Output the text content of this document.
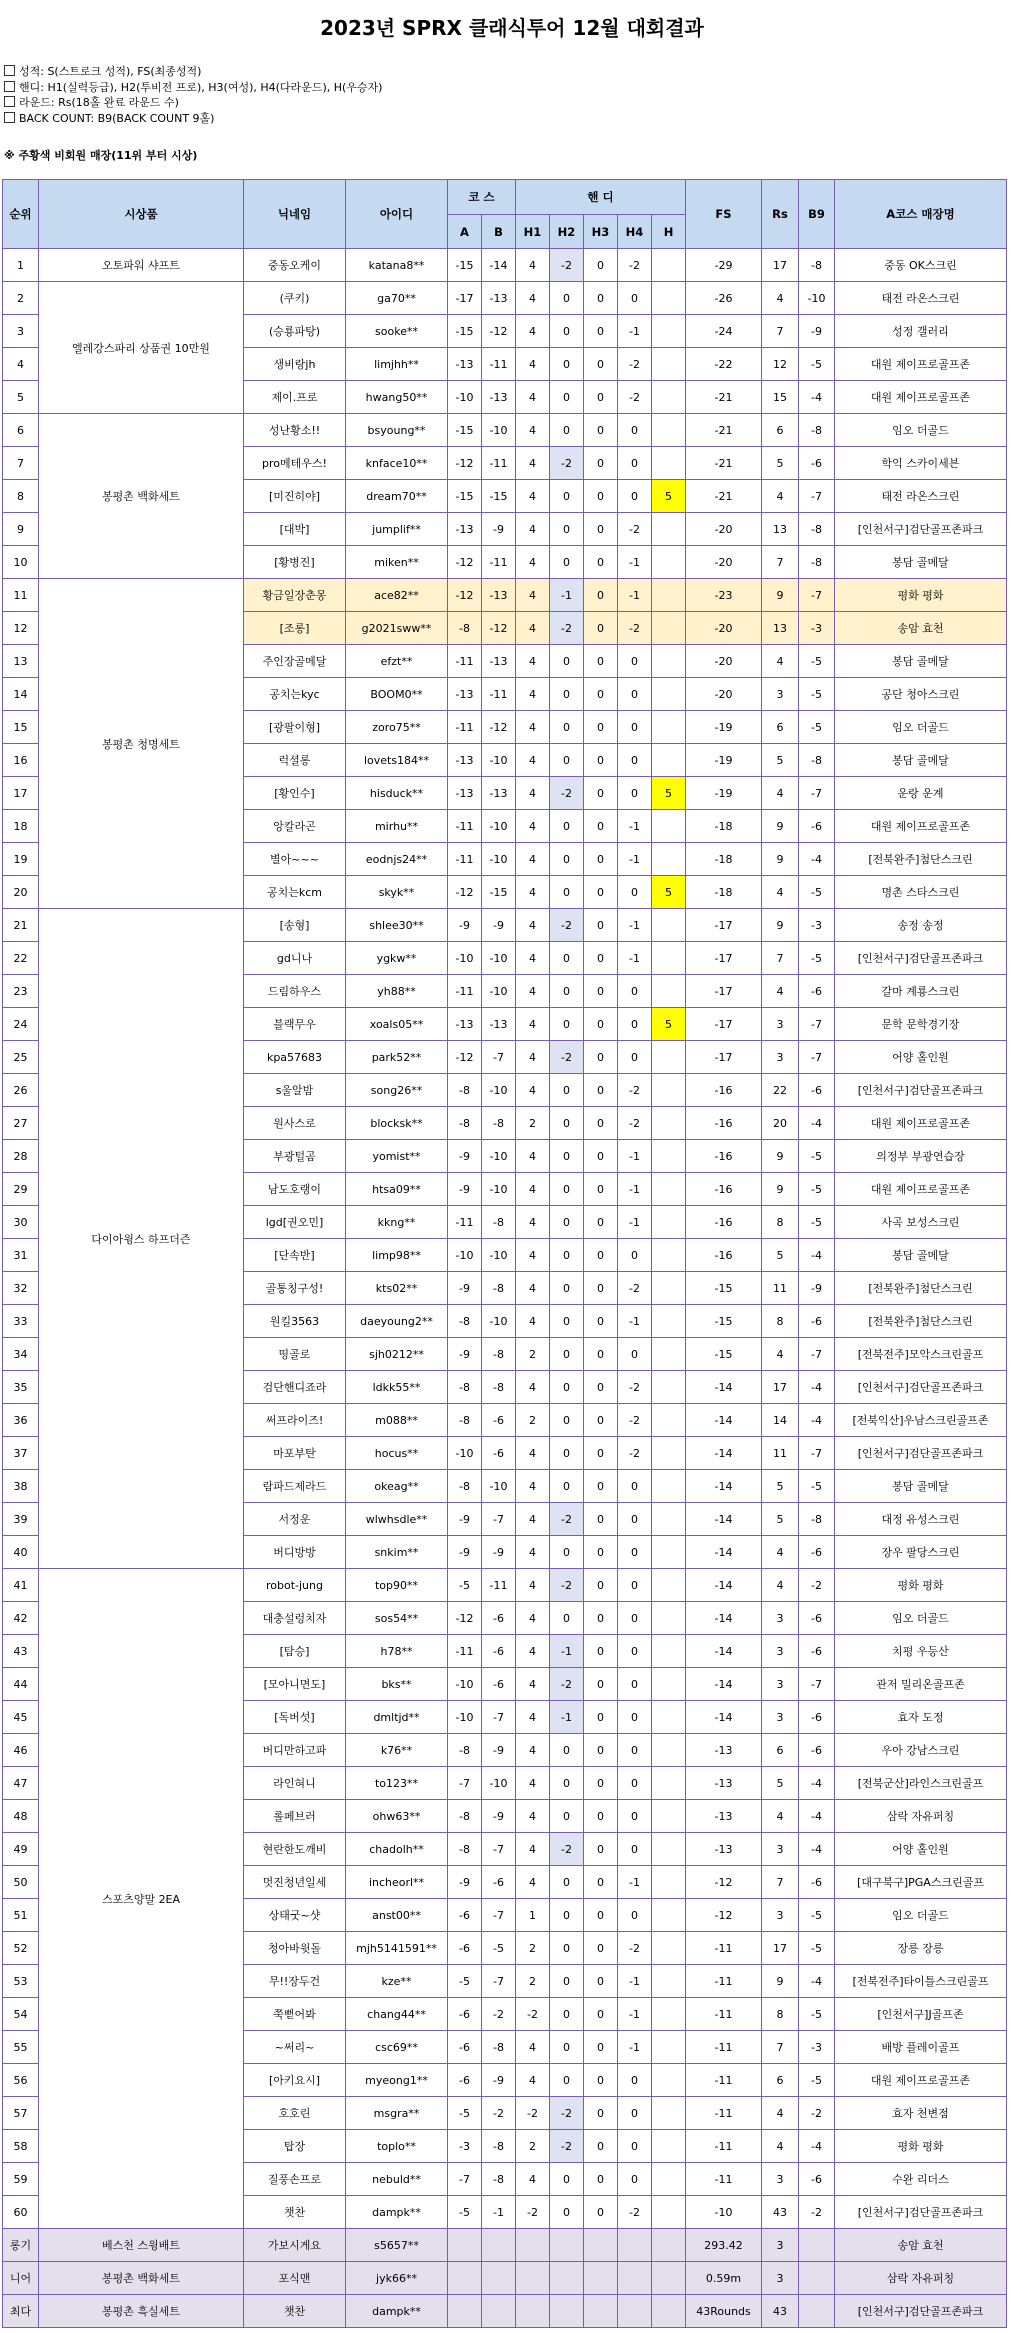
2023년 SPRX 클래식투어 12월 대회결과
성적: S(스트로크 성적), FS(최종성적)
핸디: H1(실력등급), H2(투비전 프로), H3(여성), H4(다라운드), H(우승자)
라운드: Rs(18홀 완료 라운드 수)
BACK COUNT: B9(BACK COUNT 9홀)
※ 주황색 비회원 매장(11위 부터 시상)
순위	시상품	닉네임	아이디	코 스		핸 디					FS	Rs	B9	A코스 매장명
				A	B	H1	H2	H3	H4	H				
1	오토파워 샤프트	중동오케이	katana8**	-15	-14	4	-2	0	-2		-29	17	-8	중동 OK스크린
2	엘레강스파리 상품권 10만원	(쿠키)	ga70**	-17	-13	4	0	0	0		-26	4	-10	태전 라온스크린
3		(승룡파탕)	sooke**	-15	-12	4	0	0	-1		-24	7	-9	성정 갤러리
4		생비랑jh	limjhh**	-13	-11	4	0	0	-2		-22	12	-5	대원 제이프로골프존
5		제이.프로	hwang50**	-10	-13	4	0	0	-2		-21	15	-4	대원 제이프로골프존
6	봉평촌 백화세트	성난황소!!	bsyoung**	-15	-10	4	0	0	0		-21	6	-8	임오 더골드
7		pro메테우스!	knface10**	-12	-11	4	-2	0	0		-21	5	-6	학익 스카이세븐
8		[미진히야]	dream70**	-15	-15	4	0	0	0	5	-21	4	-7	태전 라온스크린
9		[대박]	jumplif**	-13	-9	4	0	0	-2		-20	13	-8	[인천서구]검단골프존파크
10		[황병진]	miken**	-12	-11	4	0	0	-1		-20	7	-8	봉담 골메달
11	봉평촌 청명세트	황금일장춘몽	ace82**	-12	-13	4	-1	0	-1		-23	9	-7	평화 평화
12		[조롱]	g2021sww**	-8	-12	4	-2	0	-2		-20	13	-3	송암 효천
13		주인장골메달	efzt**	-11	-13	4	0	0	0		-20	4	-5	봉담 골메달
14		공치는kyc	BOOM0**	-13	-11	4	0	0	0		-20	3	-5	공단 청아스크린
15		[광팔이형]	zoro75**	-11	-12	4	0	0	0		-19	6	-5	임오 더골드
16		럭셜롱	lovets184**	-13	-10	4	0	0	0		-19	5	-8	봉담 골메달
17		[황인수]	hisduck**	-13	-13	4	-2	0	0	5	-19	4	-7	운랑 운계
18		앙칼라곤	mirhu**	-11	-10	4	0	0	-1		-18	9	-6	대원 제이프로골프존
19		별아~~~	eodnjs24**	-11	-10	4	0	0	-1		-18	9	-4	[전북완주]첨단스크린
20		공치는kcm	skyk**	-12	-15	4	0	0	0	5	-18	4	-5	명촌 스타스크린
21	다이아윙스 하프더즌	[송형]	shlee30**	-9	-9	4	-2	0	-1		-17	9	-3	송정 송정
22		gd니나	ygkw**	-10	-10	4	0	0	-1		-17	7	-5	[인천서구]검단골프존파크
23		드림하우스	yh88**	-11	-10	4	0	0	0		-17	4	-6	갈마 계룡스크린
24		블랙무우	xoals05**	-13	-13	4	0	0	0	5	-17	3	-7	문학 문학경기장
25		kpa57683	park52**	-12	-7	4	-2	0	0		-17	3	-7	어양 홀인원
26		s울알밤	song26**	-8	-10	4	0	0	-2		-16	22	-6	[인천서구]검단골프존파크
27		원사스로	blocksk**	-8	-8	2	0	0	-2		-16	20	-4	대원 제이프로골프존
28		부광털곰	yomist**	-9	-10	4	0	0	-1		-16	9	-5	의정부 부광연습장
29		남도호랭이	htsa09**	-9	-10	4	0	0	-1		-16	9	-5	대원 제이프로골프존
30		lgd[권오민]	kkng**	-11	-8	4	0	0	-1		-16	8	-5	사곡 보성스크린
31		[단속반]	limp98**	-10	-10	4	0	0	0		-16	5	-4	봉담 골메달
32		골통칭구성!	kts02**	-9	-8	4	0	0	-2		-15	11	-9	[전북완주]첨단스크린
33		원킬3563	daeyoung2**	-8	-10	4	0	0	-1		-15	8	-6	[전북완주]첨단스크린
34		띵골로	sjh0212**	-9	-8	2	0	0	0		-15	4	-7	[전북전주]모악스크린골프
35		검단핸디죠라	ldkk55**	-8	-8	4	0	0	-2		-14	17	-4	[인천서구]검단골프존파크
36		써프라이즈!	m088**	-8	-6	2	0	0	-2		-14	14	-4	[전북익산]우남스크린골프존
37		마포부탄	hocus**	-10	-6	4	0	0	-2		-14	11	-7	[인천서구]검단골프존파크
38		람파드제라드	okeag**	-8	-10	4	0	0	0		-14	5	-5	봉담 골메달
39		서정운	wlwhsdle**	-9	-7	4	-2	0	0		-14	5	-8	대정 유성스크린
40		버디방방	snkim**	-9	-9	4	0	0	0		-14	4	-6	장우 팔당스크린
41	스포츠양말 2EA	robot-jung	top90**	-5	-11	4	-2	0	0		-14	4	-2	평화 평화
42		대충설렁치자	sos54**	-12	-6	4	0	0	0		-14	3	-6	임오 더골드
43		[탐승]	h78**	-11	-6	4	-1	0	0		-14	3	-6	치평 우등산
44		[모아니면도]	bks**	-10	-6	4	-2	0	0		-14	3	-7	관저 밀리온골프존
45		[독버섯]	dmltjd**	-10	-7	4	-1	0	0		-14	3	-6	효자 도정
46		버디만하고파	k76**	-8	-9	4	0	0	0		-13	6	-6	우아 강남스크린
47		라인혀니	to123**	-7	-10	4	0	0	0		-13	5	-4	[전북군산]라인스크린골프
48		롤페브러	ohw63**	-8	-9	4	0	0	0		-13	4	-4	삼락 자유퍼칭
49		현란한도깨비	chadolh**	-8	-7	4	-2	0	0		-13	3	-4	어양 홀인원
50		멋진청년일세	incheorl**	-9	-6	4	0	0	-1		-12	7	-6	[대구북구]PGA스크린골프
51		상태굿~샷	anst00**	-6	-7	1	0	0	0		-12	3	-5	임오 더골드
52		청아바윗돌	mjh5141591**	-6	-5	2	0	0	-2		-11	17	-5	장릉 장릉
53		무!!장두건	kze**	-5	-7	2	0	0	-1		-11	9	-4	[전북전주]타이틀스크린골프
54		쭉뻗어봐	chang44**	-6	-2	-2	0	0	-1		-11	8	-5	[인천서구]J골프존
55		~써리~	csc69**	-6	-8	4	0	0	-1		-11	7	-3	배방 플레이골프
56		[아키요시]	myeong1**	-6	-9	4	0	0	0		-11	6	-5	대원 제이프로골프존
57		호호린	msgra**	-5	-2	-2	-2	0	0		-11	4	-2	효자 천변점
58		탑장	toplo**	-3	-8	2	-2	0	0		-11	4	-4	평화 평화
59		질풍손프로	nebuld**	-7	-8	4	0	0	0		-11	3	-6	수완 리더스
60		챗찬	dampk**	-5	-1	-2	0	0	-2		-10	43	-2	[인천서구]검단골프존파크
롱기	베스천 스윙배트	가보시게요	s5657**								293.42	3		송암 효천
니어	봉평촌 백화세트	포식맨	jyk66**								0.59m	3		삼락 자유퍼칭
최다	봉평촌 흑실세트	챗찬	dampk**								43Rounds	43		[인천서구]검단골프존파크
